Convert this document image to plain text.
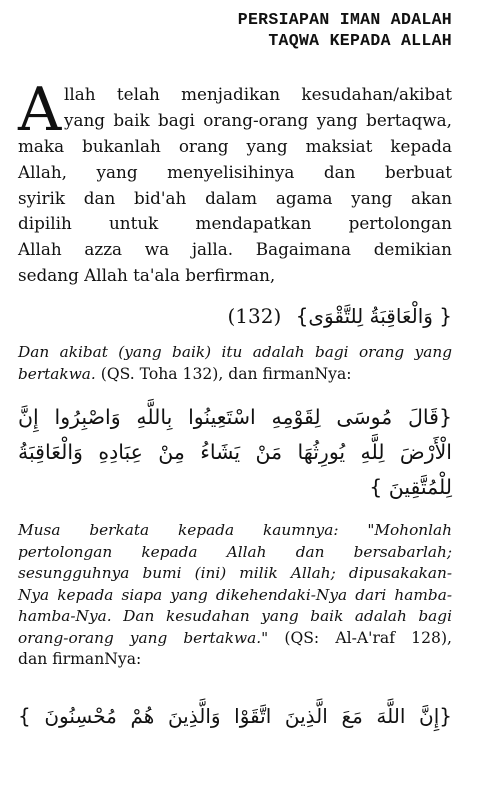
PERSIAPAN IMAN ADALAH
TAQWA KEPADA ALLAH
A llah telah menjadikan kesudahan/akibat
yang baik bagi orang-orang yang bertaqwa,
maka bukanlah orang yang maksiat kepada
Allah, yang menyelisihinya dan berbuat
syirik dan bid'ah dalam agama yang akan
dipilih untuk mendapatkan pertolongan
Allah azza wa jalla. Bagaimana demikian
sedang Allah ta'ala berfirman,
{ وَالْعَاقِبَةُ لِلتَّقْوَى} (132)
Dan akibat (yang baik) itu adalah bagi orang yang
bertakwa. (QS. Toha 132), dan firmanNya:
{قَالَ مُوسَى لِقَوْمِهِ اسْتَعِينُوا بِاللَّهِ وَاصْبِرُوا إِنَّ
الْأَرْضَ لِلَّهِ يُورِثُهَا مَنْ يَشَاءُ مِنْ عِبَادِهِ وَالْعَاقِبَةُ
لِلْمُتَّقِينَ }
Musa berkata kepada kaumnya: "Mohonlah
pertolongan kepada Allah dan bersabarlah;
sesungguhnya bumi (ini) milik Allah; dipusakakan-
Nya kepada siapa yang dikehendaki-Nya dari hamba-
hamba-Nya. Dan kesudahan yang baik adalah bagi
orang-orang yang bertakwa." (QS: Al-A'raf 128),
dan firmanNya:
{إِنَّ اللَّهَ مَعَ الَّذِينَ اتَّقَوْا وَالَّذِينَ هُمْ مُحْسِنُونَ }
